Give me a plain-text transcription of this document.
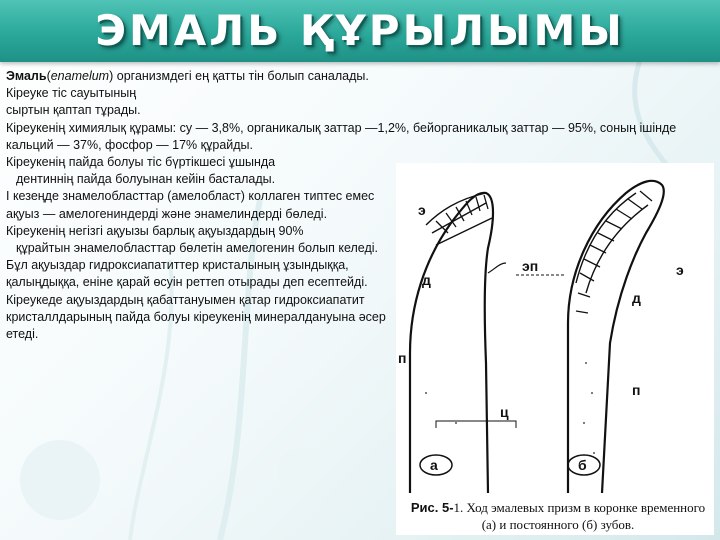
ЭМАЛЬ ҚҰРЫЛЫМЫ

Эмаль(enamelum) организмдегі ең қатты тін болып саналады.

Кіреуке тіс сауытының

сыртын қаптап тұрады.

Кіреукенің химиялық құрамы: су — 3,8%, органикалық заттар —1,2%, бейорганикалық заттар — 95%, соның ішінде кальций — 37%, фосфор — 17% құрайды.

Кіреукенің пайда болуы тіс бүртікшесі ұшында

дентиннің пайда болуынан кейін басталады.

І кезеңде знамелобласттар (амелобласт) коллаген типтес емес ақуыз — амелогениндерді және энамелиндерді бөледі.

Кіреукенің негізгі ақуызы барлық ақуыздардың 90%

құрайтын энамелобласттар бөлетін амелогенин болып келеді.

Бұл ақуыздар гидроксиапатиттер кристалының ұзындыққа, қалыңдыққа, еніне қарай өсуін реттеп отырады деп есептейді. Кіреукеде ақуыздардың қабаттануымен қатар гидроксиапатит кристаллдарының пайда болуы кіреукенің минералдануына әсер етеді.

э
д
п
эп	э
д
п
ц
а	б
Рис. 5-1. Ход эмалевых призм в коронке временного (а) и постоянного (б) зубов.
